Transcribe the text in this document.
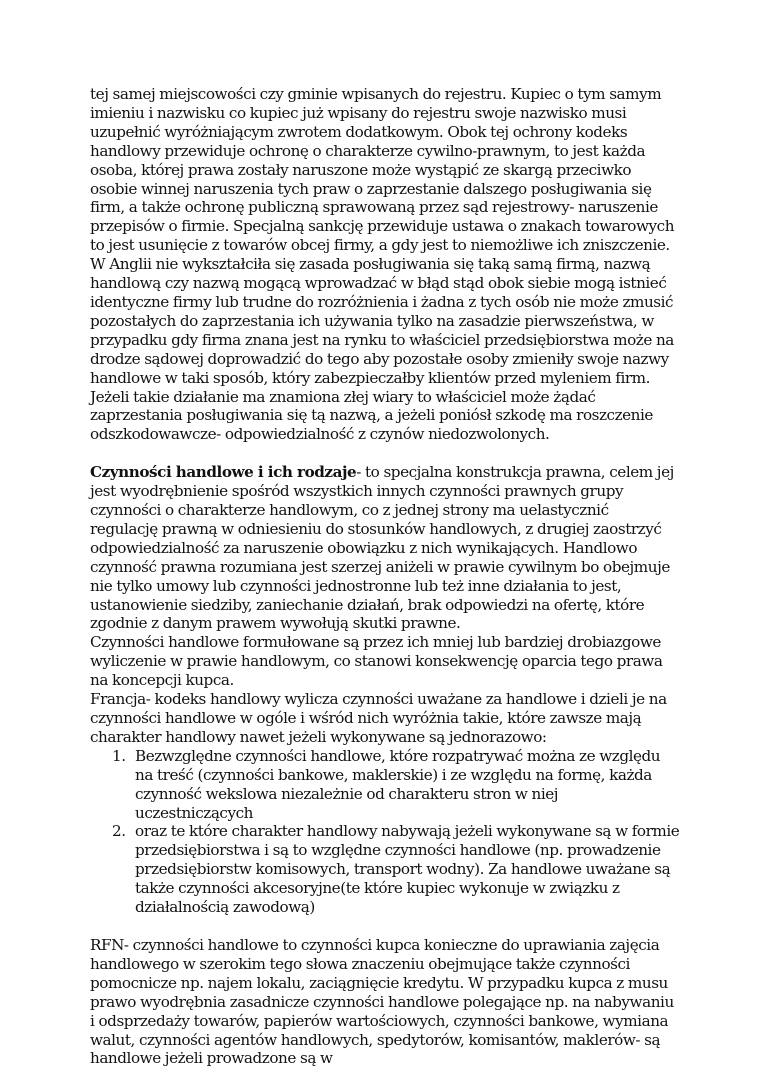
tej samej miejscowości czy gminie wpisanych do rejestru. Kupiec o tym samym imieniu i nazwisku co kupiec już wpisany do rejestru swoje nazwisko musi uzupełnić wyróżniającym zwrotem dodatkowym. Obok tej ochrony kodeks handlowy przewiduje ochronę o charakterze cywilno-prawnym, to jest każda osoba, której prawa zostały naruszone może wystąpić ze skargą przeciwko osobie winnej naruszenia tych praw o zaprzestanie dalszego posługiwania się firm, a także ochronę publiczną sprawowaną przez sąd rejestrowy- naruszenie przepisów o firmie. Specjalną sankcję przewiduje ustawa o znakach towarowych to jest usunięcie z towarów obcej firmy, a gdy jest to niemożliwe ich zniszczenie. W Anglii nie wykształciła się zasada posługiwania się taką samą firmą, nazwą handlową czy nazwą mogącą wprowadzać w błąd stąd obok siebie mogą istnieć identyczne firmy lub trudne do rozróżnienia i żadna z tych osób nie może zmusić pozostałych do zaprzestania ich używania tylko na zasadzie pierwszeństwa, w przypadku gdy firma znana jest na rynku to właściciel przedsiębiorstwa może na drodze sądowej doprowadzić do tego aby pozostałe osoby zmieniły swoje nazwy handlowe w taki sposób, który zabezpieczałby klientów przed myleniem firm. Jeżeli takie działanie ma znamiona złej wiary to właściciel może żądać zaprzestania posługiwania się tą nazwą, a jeżeli poniósł szkodę ma roszczenie odszkodowawcze- odpowiedzialność z czynów niedozwolonych.

Czynności handlowe i ich rodzaje- to specjalna konstrukcja prawna, celem jej jest wyodrębnienie spośród wszystkich innych czynności prawnych grupy czynności o charakterze handlowym, co z jednej strony ma uelastycznić regulację prawną w odniesieniu do stosunków handlowych, z drugiej zaostrzyć odpowiedzialność za naruszenie obowiązku z nich wynikających. Handlowo czynność prawna rozumiana jest szerzej aniżeli w prawie cywilnym bo obejmuje nie tylko umowy lub czynności jednostronne lub też inne działania to jest, ustanowienie siedziby, zaniechanie działań, brak odpowiedzi na ofertę, które zgodnie z danym prawem wywołują skutki prawne.

Czynności handlowe formułowane są przez ich mniej lub bardziej drobiazgowe wyliczenie w prawie handlowym, co stanowi konsekwencję oparcia tego prawa na koncepcji kupca.

Francja- kodeks handlowy wylicza czynności uważane za handlowe i dzieli je na czynności handlowe w ogóle i wśród nich wyróżnia takie, które zawsze mają charakter handlowy nawet jeżeli wykonywane są jednorazowo:

1. Bezwzględne czynności handlowe, które rozpatrywać można ze względu na treść (czynności bankowe, maklerskie) i ze względu na formę, każda czynność wekslowa niezależnie od charakteru stron w niej uczestniczących
2. oraz te które charakter handlowy nabywają jeżeli wykonywane są w formie przedsiębiorstwa i są to względne czynności handlowe (np. prowadzenie przedsiębiorstw komisowych, transport wodny). Za handlowe uważane są także czynności akcesoryjne(te które kupiec wykonuje w związku z działalnością zawodową)

RFN- czynności handlowe to czynności kupca konieczne do uprawiania zajęcia handlowego w szerokim tego słowa znaczeniu obejmujące także czynności pomocnicze np. najem lokalu, zaciągnięcie kredytu. W przypadku kupca z musu prawo wyodrębnia zasadnicze czynności handlowe polegające np. na nabywaniu i odsprzedaży towarów, papierów wartościowych, czynności bankowe, wymiana walut, czynności agentów handlowych, spedytorów, komisantów, maklerów- są handlowe jeżeli prowadzone są w
